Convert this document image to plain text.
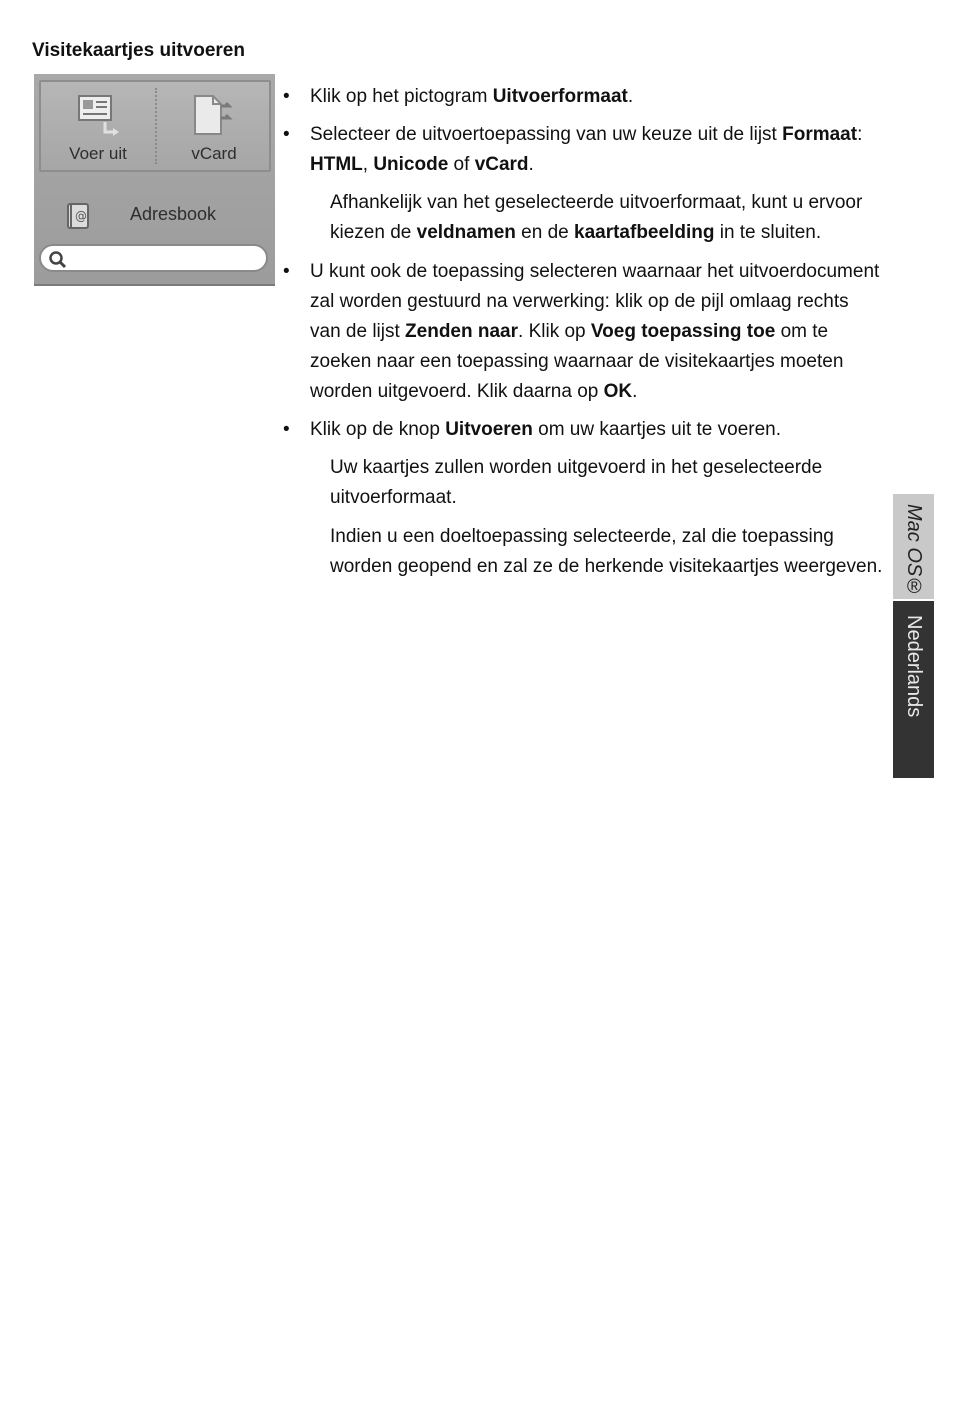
Visitekaartjes uitvoeren
Voer uit	vCard
@ Adresbook
• Klik op het pictogram Uitvoerformaat.
• Selecteer de uitvoertoepassing van uw keuze uit de lijst Formaat: HTML, Unicode of vCard.

Afhankelijk van het geselecteerde uitvoerformaat, kunt u ervoor kiezen de veldnamen en de kaartafbeelding in te sluiten.

• U kunt ook de toepassing selecteren waarnaar het uitvoerdocument zal worden gestuurd na verwerking: klik op de pijl omlaag rechts van de lijst Zenden naar. Klik op Voeg toepassing toe om te zoeken naar een toepassing waarnaar de visitekaartjes moeten worden uitgevoerd. Klik daarna op OK.
• Klik op de knop Uitvoeren om uw kaartjes uit te voeren.

Uw kaartjes zullen worden uitgevoerd in het geselecteerde uitvoerformaat.

Indien u een doeltoepassing selecteerde, zal die toepassing worden geopend en zal ze de herkende visitekaartjes weergeven.	Mac OS®
Nederlands
